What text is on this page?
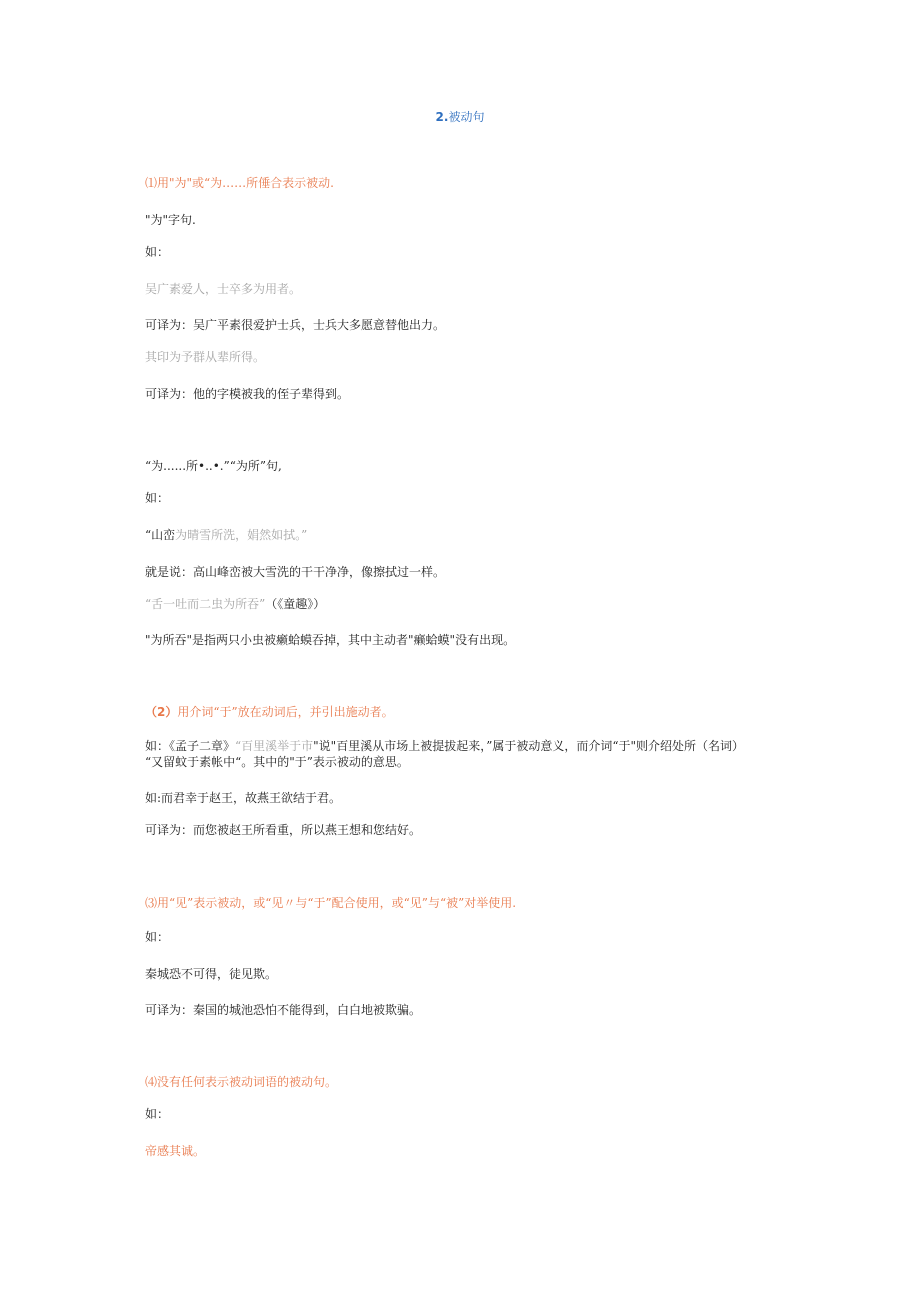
2.被动句
⑴用"为"或“为……所倕合表示被动.
"为"字句.
如：
吴广素爱人，士卒多为用者。
可译为：吴广平素很爱护士兵，士兵大多愿意替他出力。
其印为予群从辈所得。
可译为：他的字模被我的侄子辈得到。
“为......所•..•.”“为所”句,
如：
“山峦为晴雪所洗，娟然如拭。”
就是说：高山峰峦被大雪洗的干干净净，像擦拭过一样。
“舌一吐而二虫为所吞”（《童趣》）
"为所吞"是指两只小虫被癞蛤蟆吞掉，其中主动者"癞蛤蟆"没有出现。
（2）用介词“于”放在动词后，并引出施动者。
如：《孟子二章》“百里溪举于市"说"百里溪从市场上被提拔起来，”属于被动意义，而介词“于"则介绍处所（名词）
“又留蚊于素帐中“。其中的"于”表示被动的意思。
如:而君幸于赵王，故燕王欲结于君。
可译为：而您被赵王所看重，所以燕王想和您结好。
⑶用“见”表示被动，或“见〃与“于”配合使用，或“见”与“被”对举使用.
如：
秦城恐不可得，徒见欺。
可译为：秦国的城池恐怕不能得到，白白地被欺骗。
⑷没有任何表示被动词语的被动句。
如：
帝感其诚。
